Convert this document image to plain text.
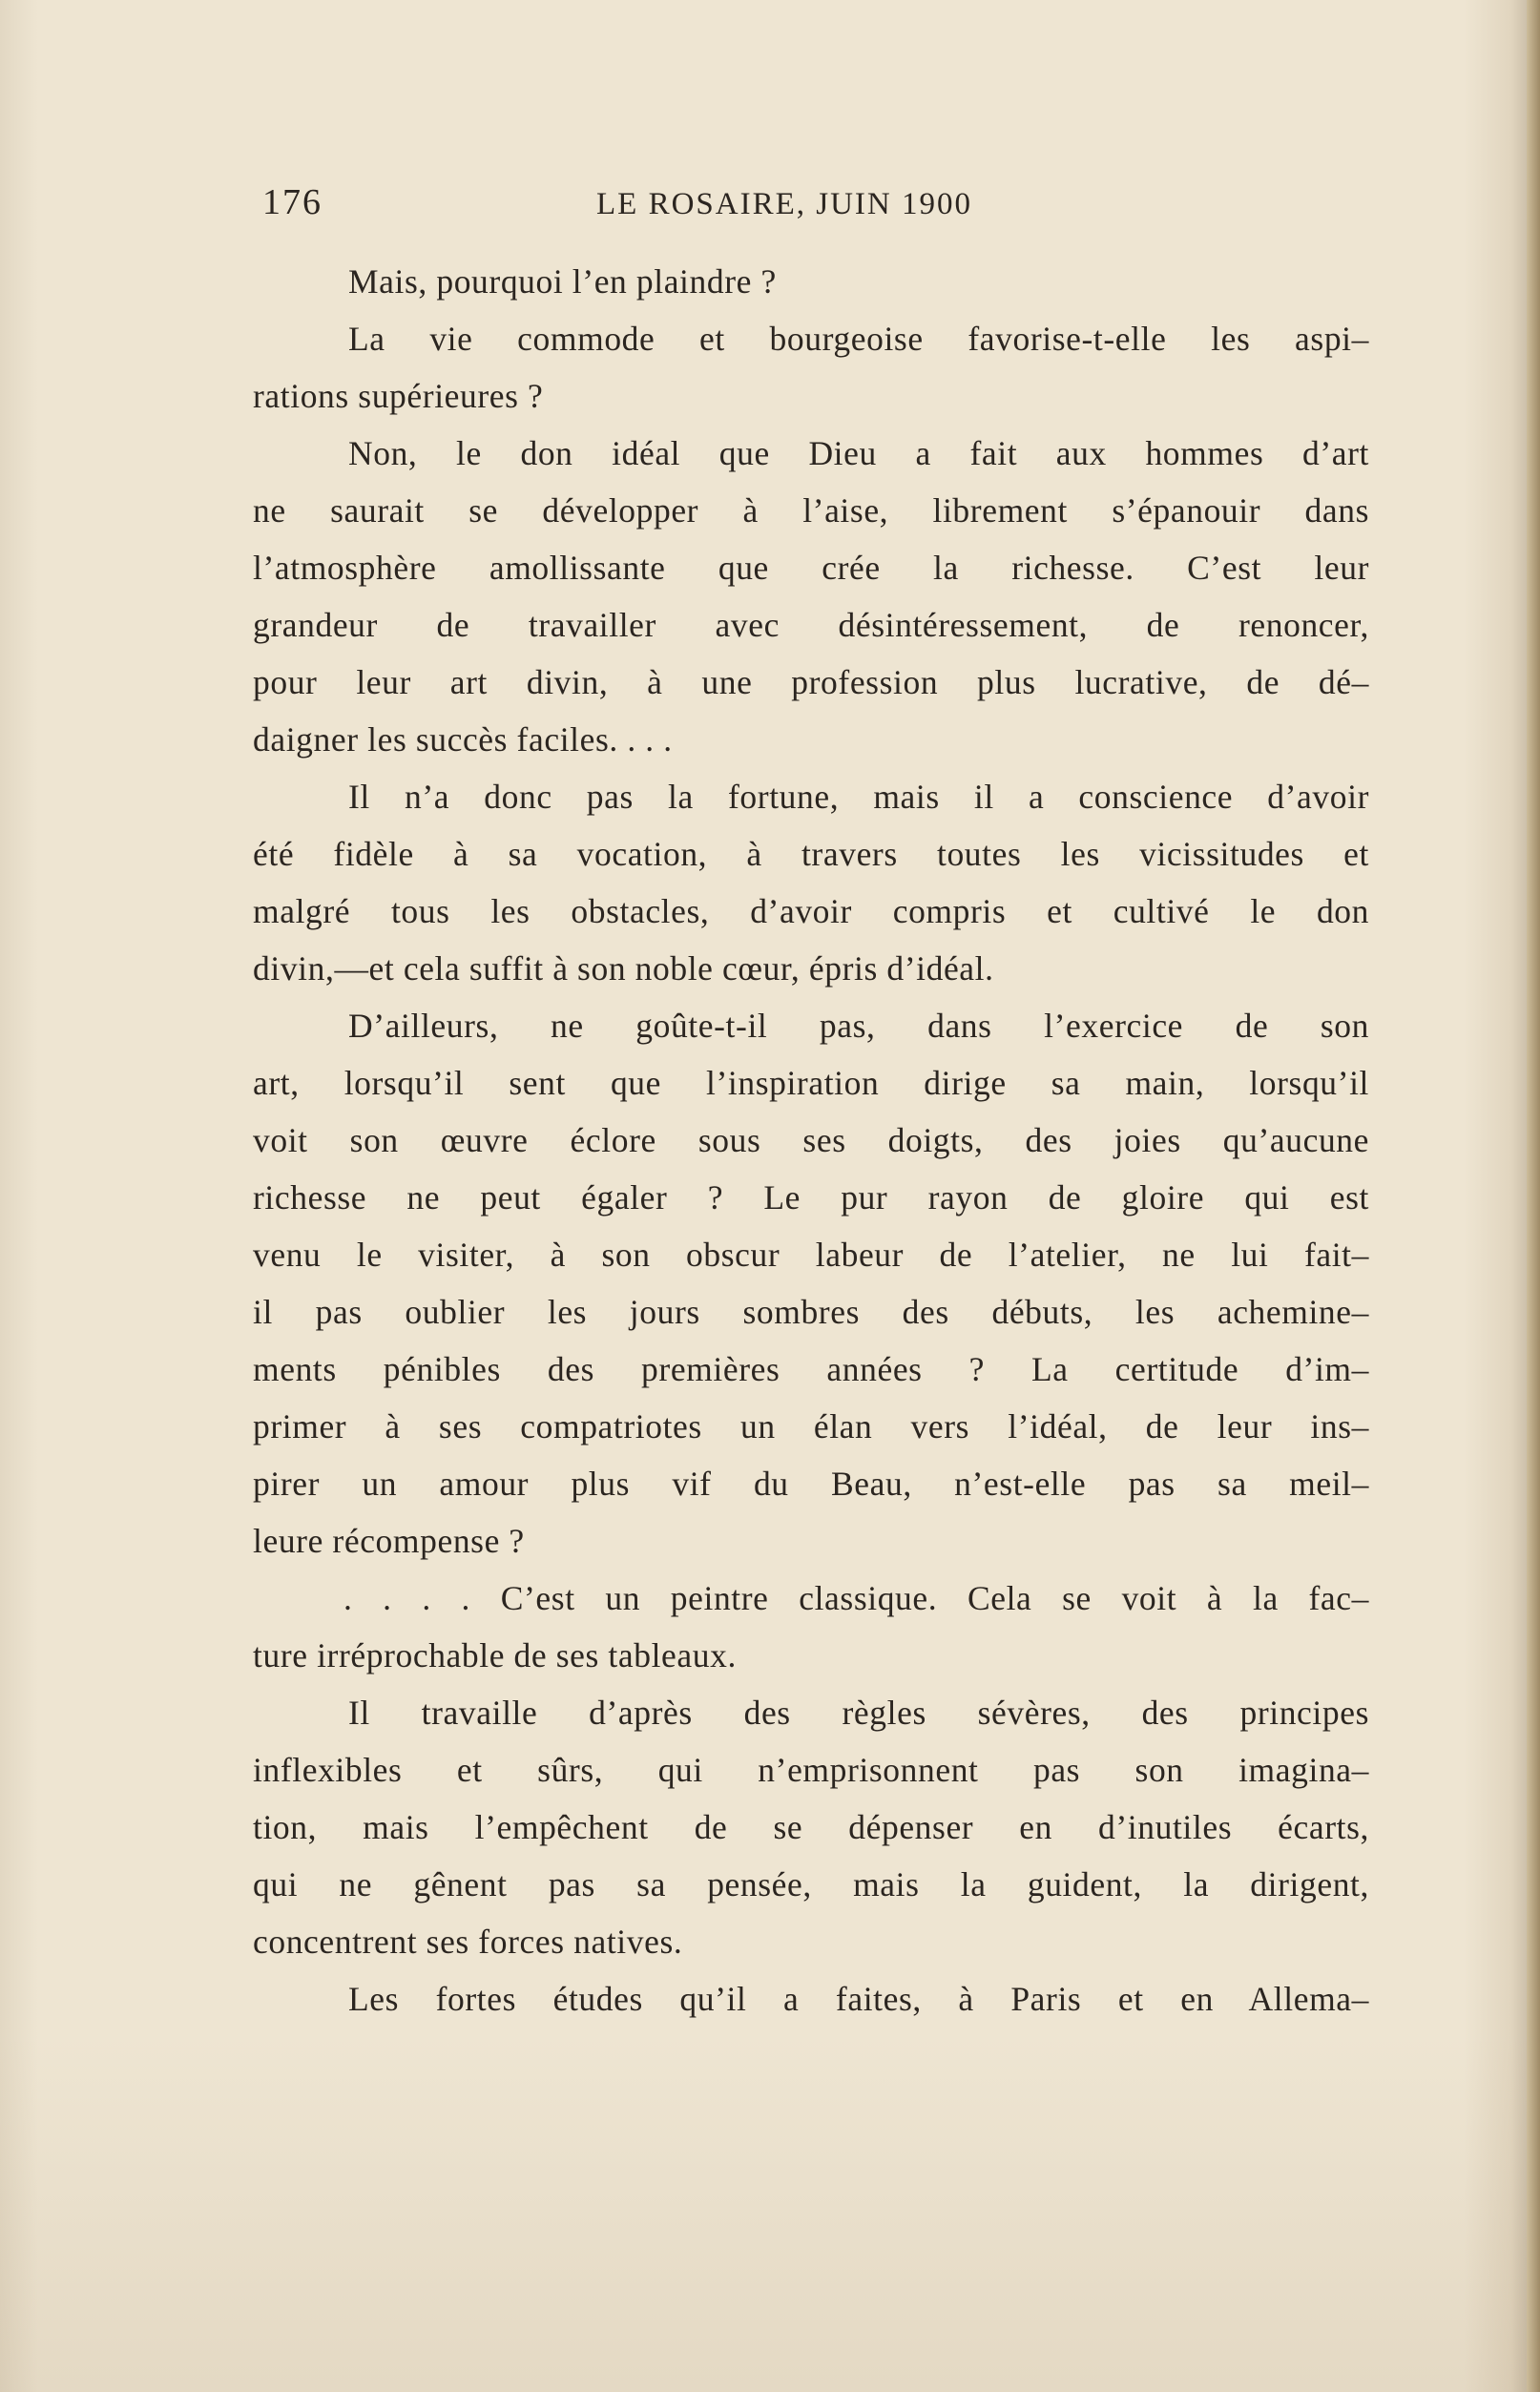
176	LE ROSAIRE, JUIN 1900
Mais, pourquoi l’en plaindre ?
La vie commode et bourgeoise favorise-t-elle les aspi–
rations supérieures ?
Non, le don idéal que Dieu a fait aux hommes d’art
ne saurait se développer à l’aise, librement s’épanouir dans
l’atmosphère amollissante que crée la richesse. C’est leur
grandeur de travailler avec désintéressement, de renoncer,
pour leur art divin, à une profession plus lucrative, de dé–
daigner les succès faciles. . . .
Il n’a donc pas la fortune, mais il a conscience d’avoir
été fidèle à sa vocation, à travers toutes les vicissitudes et
malgré tous les obstacles, d’avoir compris et cultivé le don
divin,—et cela suffit à son noble cœur, épris d’idéal.
D’ailleurs, ne goûte-t-il pas, dans l’exercice de son
art, lorsqu’il sent que l’inspiration dirige sa main, lorsqu’il
voit son œuvre éclore sous ses doigts, des joies qu’aucune
richesse ne peut égaler ? Le pur rayon de gloire qui est
venu le visiter, à son obscur labeur de l’atelier, ne lui fait–
il pas oublier les jours sombres des débuts, les achemine–
ments pénibles des premières années ? La certitude d’im–
primer à ses compatriotes un élan vers l’idéal, de leur ins–
pirer un amour plus vif du Beau, n’est-elle pas sa meil–
leure récompense ?
. . . . C’est un peintre classique. Cela se voit à la fac–
ture irréprochable de ses tableaux.
Il travaille d’après des règles sévères, des principes
inflexibles et sûrs, qui n’emprisonnent pas son imagina–
tion, mais l’empêchent de se dépenser en d’inutiles écarts,
qui ne gênent pas sa pensée, mais la guident, la dirigent,
concentrent ses forces natives.
Les fortes études qu’il a faites, à Paris et en Allema–
